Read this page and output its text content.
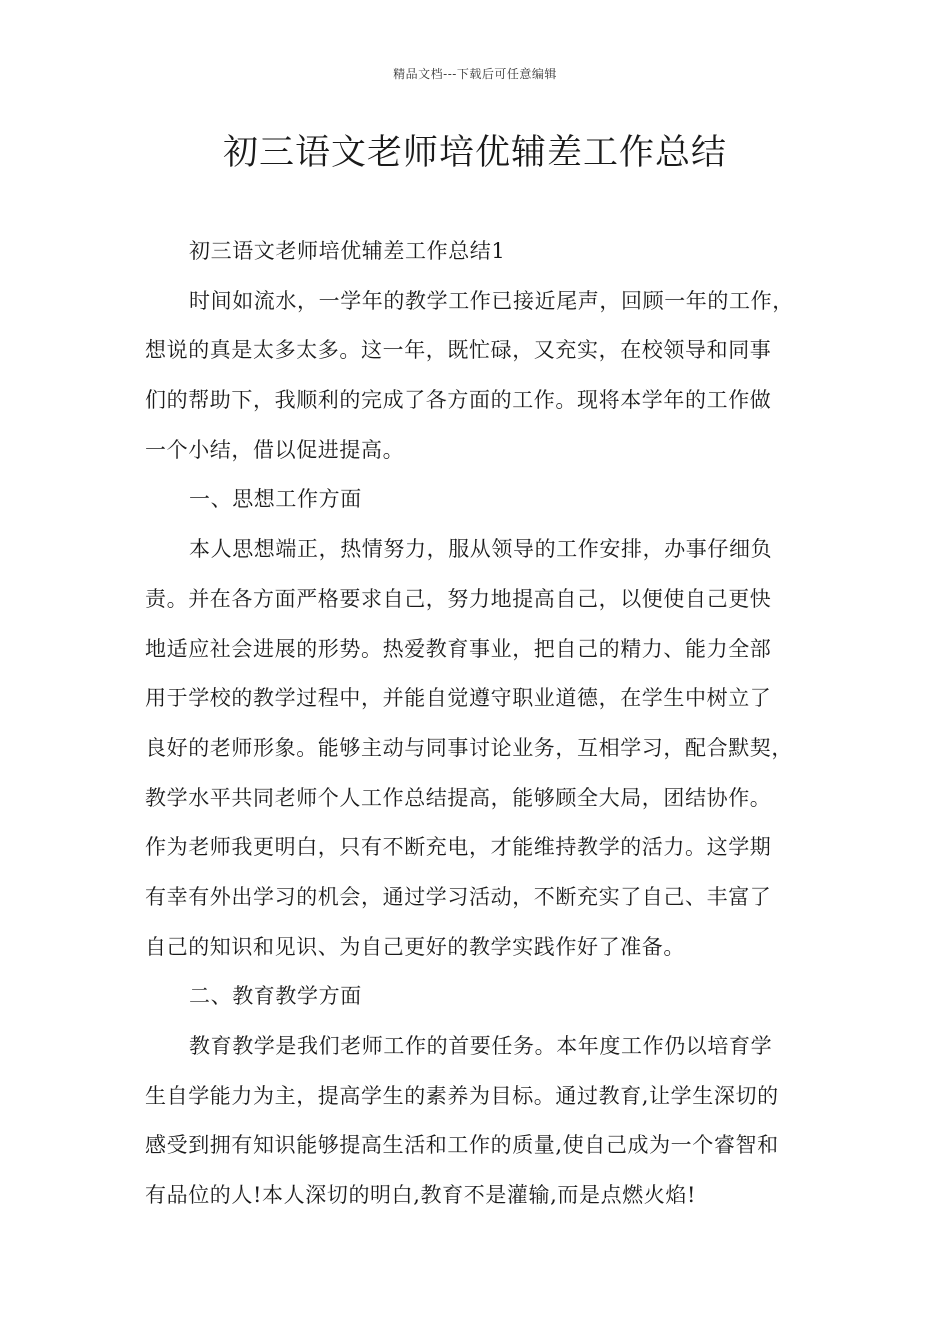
精品文档---下载后可任意编辑
初三语文老师培优辅差工作总结
初三语文老师培优辅差工作总结1
时间如流水，一学年的教学工作已接近尾声，回顾一年的工作，
想说的真是太多太多。这一年，既忙碌，又充实，在校领导和同事
们的帮助下，我顺利的完成了各方面的工作。现将本学年的工作做
一个小结，借以促进提高。
一、思想工作方面
本人思想端正，热情努力，服从领导的工作安排，办事仔细负
责。并在各方面严格要求自己，努力地提高自己，以便使自己更快
地适应社会进展的形势。热爱教育事业，把自己的精力、能力全部
用于学校的教学过程中，并能自觉遵守职业道德，在学生中树立了
良好的老师形象。能够主动与同事讨论业务，互相学习，配合默契，
教学水平共同老师个人工作总结提高，能够顾全大局，团结协作。
作为老师我更明白，只有不断充电，才能维持教学的活力。这学期
有幸有外出学习的机会，通过学习活动，不断充实了自己、丰富了
自己的知识和见识、为自己更好的教学实践作好了准备。
二、教育教学方面
教育教学是我们老师工作的首要任务。本年度工作仍以培育学
生自学能力为主，提高学生的素养为目标。通过教育,让学生深切的
感受到拥有知识能够提高生活和工作的质量,使自己成为一个睿智和
有品位的人!本人深切的明白,教育不是灌输,而是点燃火焰!
